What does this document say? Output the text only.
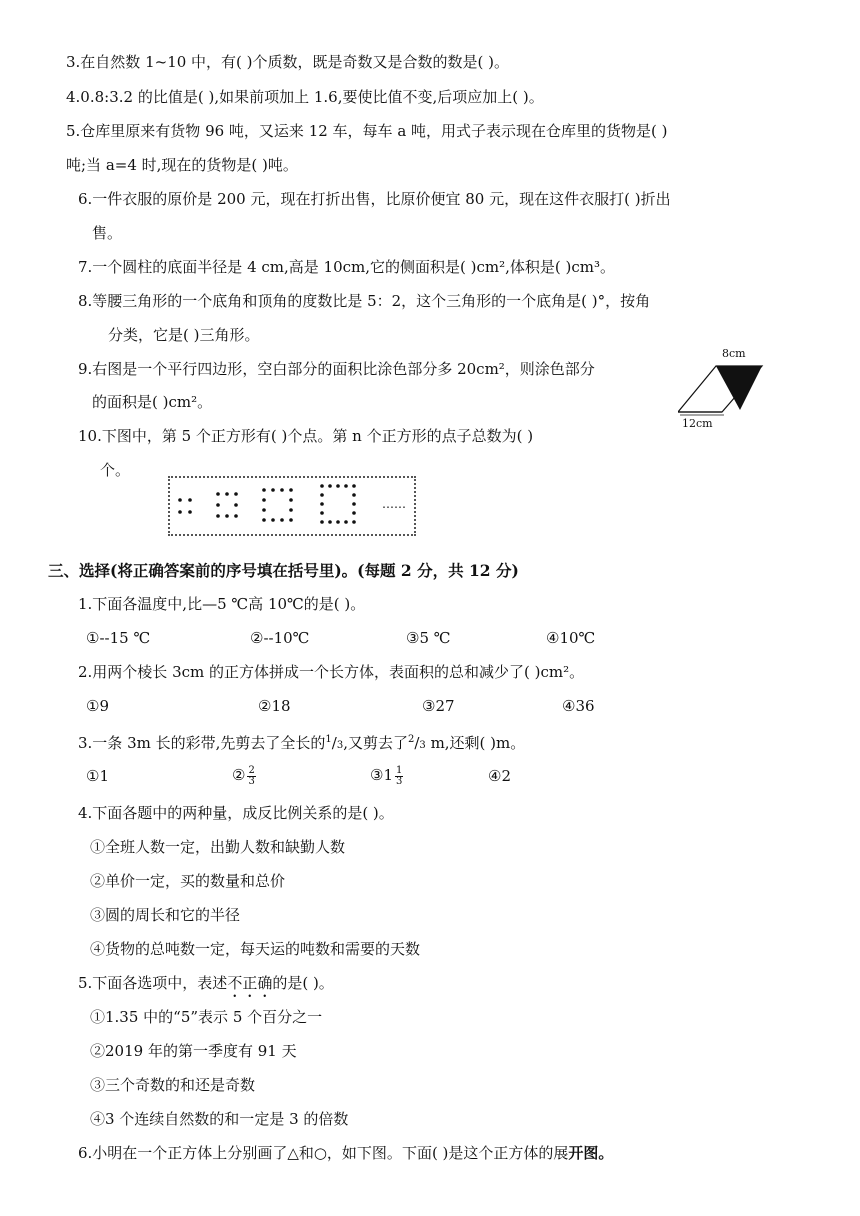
3.在自然数 1~10 中，有( )个质数，既是奇数又是合数的数是( )。
4.0.8:3.2 的比值是( ),如果前项加上 1.6,要使比值不变,后项应加上( )。
5.仓库里原来有货物 96 吨，又运来 12 车，每车 a 吨，用式子表示现在仓库里的货物是( )
吨;当 a=4 时,现在的货物是( )吨。
6.一件衣服的原价是 200 元，现在打折出售，比原价便宜 80 元，现在这件衣服打( )折出
售。
7.一个圆柱的底面半径是 4 cm,高是 10cm,它的侧面积是( )cm²,体积是( )cm³。
8.等腰三角形的一个底角和顶角的度数比是 5：2，这个三角形的一个底角是( )°，按角
分类，它是( )三角形。
9.右图是一个平行四边形，空白部分的面积比涂色部分多 20cm²，则涂色部分
的面积是( )cm²。
8cm
12cm
10.下图中，第 5 个正方形有( )个点。第 n 个正方形的点子总数为( )
个。
……
三、选择(将正确答案前的序号填在括号里)。(每题 2 分，共 12 分)
1.下面各温度中,比—5 ℃高 10℃的是( )。
①--15 ℃	②--10℃	③5 ℃	④10℃
2.用两个棱长 3cm 的正方体拼成一个长方体，表面积的总和减少了( )cm²。
①9	②18	③27	④36
3.一条 3m 长的彩带,先剪去了全长的$^1$/3,又剪去了$^2$/3 m,还剩( )m。
①1	② $\frac{2}{3}$	③1 $\frac{1}{3}$	④2
4.下面各题中的两种量，成反比例关系的是( )。
①全班人数一定，出勤人数和缺勤人数
②单价一定，买的数量和总价
③圆的周长和它的半径
④货物的总吨数一定，每天运的吨数和需要的天数
5.下面各选项中，表述不正确的是( )。
①1.35 中的“5”表示 5 个百分之一
②2019 年的第一季度有 91 天
③三个奇数的和还是奇数
④3 个连续自然数的和一定是 3 的倍数
6.小明在一个正方体上分别画了△和○，如下图。下面( )是这个正方体的展开图。
